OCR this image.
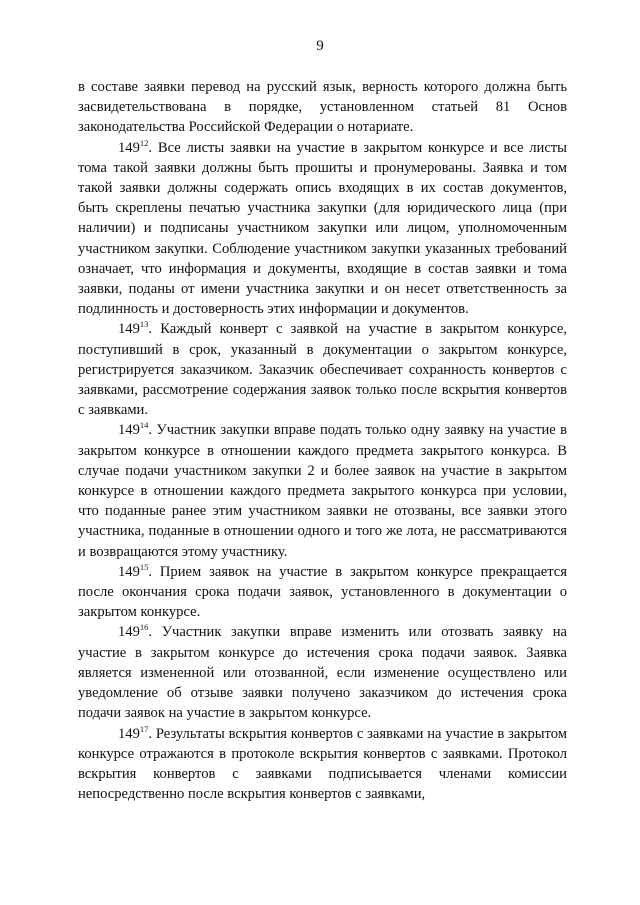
9

в составе заявки перевод на русский язык, верность которого должна быть засвидетельствована в порядке, установленном статьей 81 Основ законодательства Российской Федерации о нотариате.

$149^{12}$. Все листы заявки на участие в закрытом конкурсе и все листы тома такой заявки должны быть прошиты и пронумерованы. Заявка и том такой заявки должны содержать опись входящих в их состав документов, быть скреплены печатью участника закупки (для юридического лица (при наличии) и подписаны участником закупки или лицом, уполномоченным участником закупки. Соблюдение участником закупки указанных требований означает, что информация и документы, входящие в состав заявки и тома заявки, поданы от имени участника закупки и он несет ответственность за подлинность и достоверность этих информации и документов.

$149^{13}$. Каждый конверт с заявкой на участие в закрытом конкурсе, поступивший в срок, указанный в документации о закрытом конкурсе, регистрируется заказчиком. Заказчик обеспечивает сохранность конвертов с заявками, рассмотрение содержания заявок только после вскрытия конвертов с заявками.

$149^{14}$. Участник закупки вправе подать только одну заявку на участие в закрытом конкурсе в отношении каждого предмета закрытого конкурса. В случае подачи участником закупки 2 и более заявок на участие в закрытом конкурсе в отношении каждого предмета закрытого конкурса при условии, что поданные ранее этим участником заявки не отозваны, все заявки этого участника, поданные в отношении одного и того же лота, не рассматриваются и возвращаются этому участнику.

$149^{15}$. Прием заявок на участие в закрытом конкурсе прекращается после окончания срока подачи заявок, установленного в документации о закрытом конкурсе.

$149^{16}$. Участник закупки вправе изменить или отозвать заявку на участие в закрытом конкурсе до истечения срока подачи заявок. Заявка является измененной или отозванной, если изменение осуществлено или уведомление об отзыве заявки получено заказчиком до истечения срока подачи заявок на участие в закрытом конкурсе.

$149^{17}$. Результаты вскрытия конвертов с заявками на участие в закрытом конкурсе отражаются в протоколе вскрытия конвертов с заявками. Протокол вскрытия конвертов с заявками подписывается членами комиссии непосредственно после вскрытия конвертов с заявками,
